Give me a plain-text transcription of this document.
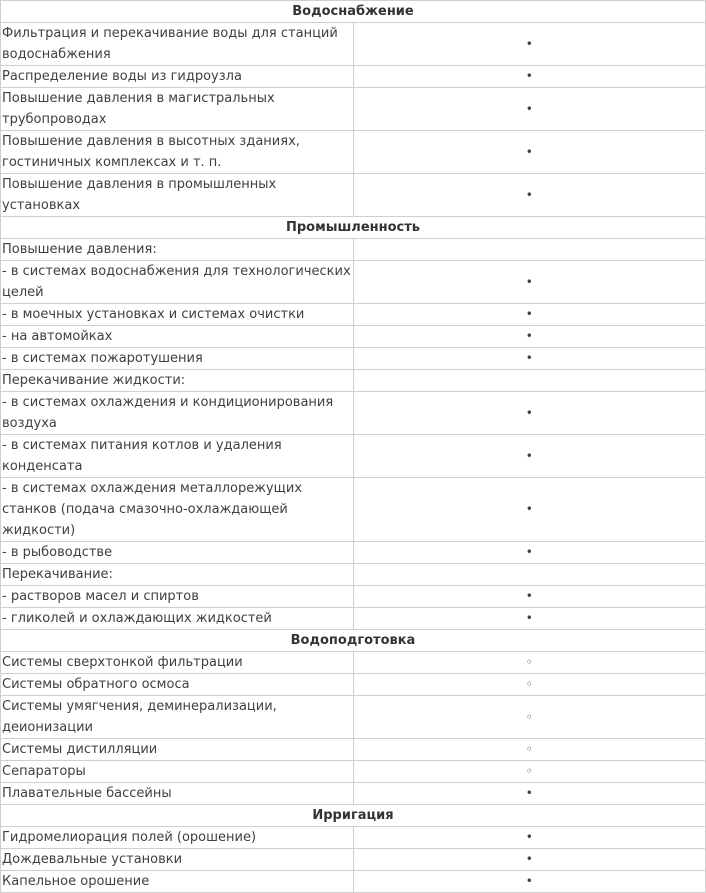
Водоснабжение	
Фильтрация и перекачивание воды для станций водоснабжения	•
Распределение воды из гидроузла	•
Повышение давления в магистральных трубопроводах	•
Повышение давления в высотных зданиях, гостиничных комплексах и т. п.	•
Повышение давления в промышленных установках	•
Промышленность	
Повышение давления:	
- в системах водоснабжения для технологических целей	•
- в моечных установках и системах очистки	•
- на автомойках	•
- в системах пожаротушения	•
Перекачивание жидкости:	
- в системах охлаждения и кондиционирования воздуха	•
- в системах питания котлов и удаления конденсата	•
- в системах охлаждения металлорежущих станков (подача смазочно-охлаждающей жидкости)	•
- в рыбоводстве	•
Перекачивание:	
- растворов масел и спиртов	•
- гликолей и охлаждающих жидкостей	•
Водоподготовка	
Системы сверхтонкой фильтрации	◦
Системы обратного осмоса	◦
Системы умягчения, деминерализации, деионизации	◦
Системы дистилляции	◦
Сепараторы	◦
Плавательные бассейны	•
Ирригация	
Гидромелиорация полей (орошение)	•
Дождевальные установки	•
Капельное орошение	•
